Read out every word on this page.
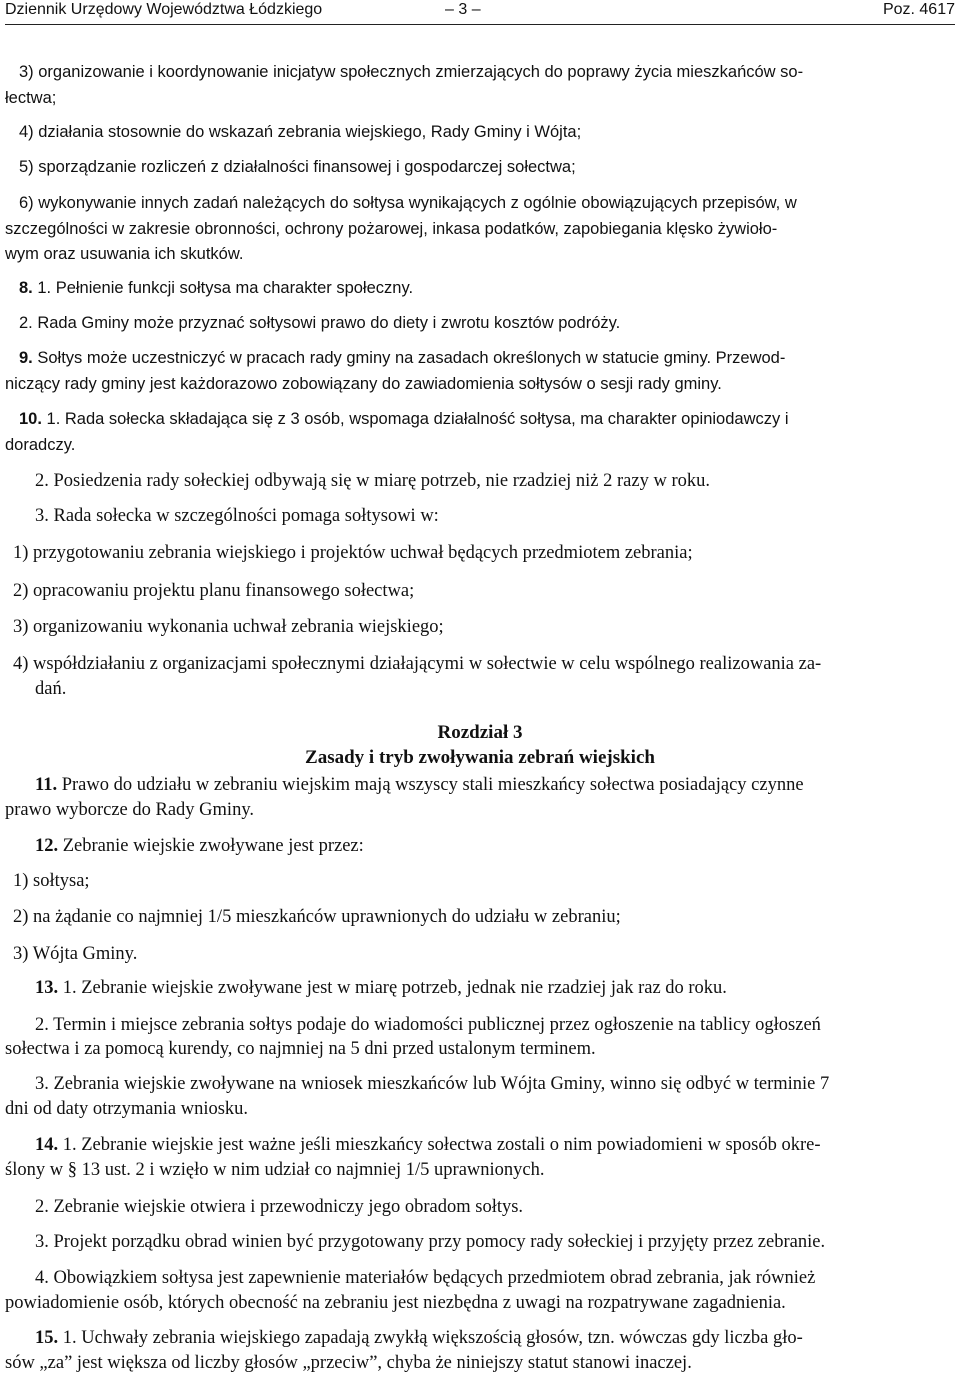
Dziennik Urzędowy Województwa Łódzkiego	– 3 –	Poz. 4617
3) organizowanie i koordynowanie inicjatyw społecznych zmierzających do poprawy życia mieszkańców so-
łectwa;
4) działania stosownie do wskazań zebrania wiejskiego, Rady Gminy i Wójta;
5) sporządzanie rozliczeń z działalności finansowej i gospodarczej sołectwa;
6) wykonywanie innych zadań należących do sołtysa wynikających z ogólnie obowiązujących przepisów, w
szczególności w zakresie obronności, ochrony pożarowej, inkasa podatków, zapobiegania klęsko żywioło-
wym oraz usuwania ich skutków.
8. 1. Pełnienie funkcji sołtysa ma charakter społeczny.
2. Rada Gminy może przyznać sołtysowi prawo do diety i zwrotu kosztów podróży.
9. Sołtys może uczestniczyć w pracach rady gminy na zasadach określonych w statucie gminy. Przewod-
niczący rady gminy jest każdorazowo zobowiązany do zawiadomienia sołtysów o sesji rady gminy.
10. 1. Rada sołecka składająca się z 3 osób, wspomaga działalność sołtysa, ma charakter opiniodawczy i
doradczy.
2. Posiedzenia rady sołeckiej odbywają się w miarę potrzeb, nie rzadziej niż 2 razy w roku.
3. Rada sołecka w szczególności pomaga sołtysowi w:
1) przygotowaniu zebrania wiejskiego i projektów uchwał będących przedmiotem zebrania;
2) opracowaniu projektu planu finansowego sołectwa;
3) organizowaniu wykonania uchwał zebrania wiejskiego;
4) współdziałaniu z organizacjami społecznymi działającymi w sołectwie w celu wspólnego realizowania za-
dań.
11. Prawo do udziału w zebraniu wiejskim mają wszyscy stali mieszkańcy sołectwa posiadający czynne
prawo wyborcze do Rady Gminy.
12. Zebranie wiejskie zwoływane jest przez:
1) sołtysa;
2) na żądanie co najmniej 1/5 mieszkańców uprawnionych do udziału w zebraniu;
3) Wójta Gminy.
13. 1. Zebranie wiejskie zwoływane jest w miarę potrzeb, jednak nie rzadziej jak raz do roku.
2. Termin i miejsce zebrania sołtys podaje do wiadomości publicznej przez ogłoszenie na tablicy ogłoszeń
sołectwa i za pomocą kurendy, co najmniej na 5 dni przed ustalonym terminem.
3. Zebrania wiejskie zwoływane na wniosek mieszkańców lub Wójta Gminy, winno się odbyć w terminie 7
dni od daty otrzymania wniosku.
14. 1. Zebranie wiejskie jest ważne jeśli mieszkańcy sołectwa zostali o nim powiadomieni w sposób okre-
ślony w § 13 ust. 2 i wzięło w nim udział co najmniej 1/5 uprawnionych.
2. Zebranie wiejskie otwiera i przewodniczy jego obradom sołtys.
3. Projekt porządku obrad winien być przygotowany przy pomocy rady sołeckiej i przyjęty przez zebranie.
4. Obowiązkiem sołtysa jest zapewnienie materiałów będących przedmiotem obrad zebrania, jak również
powiadomienie osób, których obecność na zebraniu jest niezbędna z uwagi na rozpatrywane zagadnienia.
15. 1. Uchwały zebrania wiejskiego zapadają zwykłą większością głosów, tzn. wówczas gdy liczba gło-
sów „za” jest większa od liczby głosów „przeciw”, chyba że niniejszy statut stanowi inaczej.
Rozdział 3
Zasady i tryb zwoływania zebrań wiejskich
